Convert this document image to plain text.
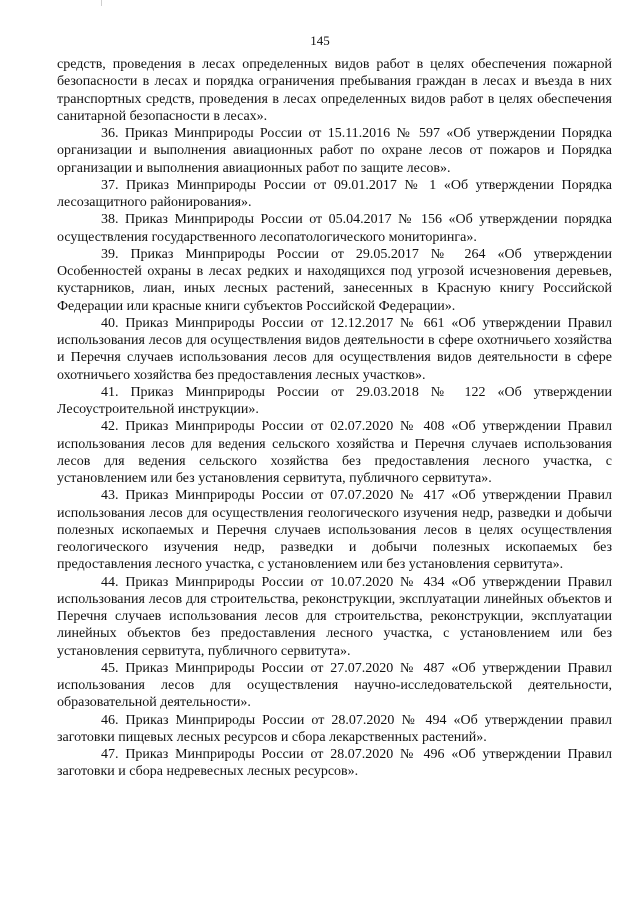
145

средств, проведения в лесах определенных видов работ в целях обеспечения пожарной безопасности в лесах и порядка ограничения пребывания граждан в лесах и въезда в них транспортных средств, проведения в лесах определенных видов работ в целях обеспечения санитарной безопасности в лесах».

36. Приказ Минприроды России от 15.11.2016 № 597 «Об утверждении Порядка организации и выполнения авиационных работ по охране лесов от пожаров и Порядка организации и выполнения авиационных работ по защите лесов».

37. Приказ Минприроды России от 09.01.2017 № 1 «Об утверждении Порядка лесозащитного районирования».

38. Приказ Минприроды России от 05.04.2017 № 156 «Об утверждении порядка осуществления государственного лесопатологического мониторинга».

39. Приказ Минприроды России от 29.05.2017 № 264 «Об утверждении Особенностей охраны в лесах редких и находящихся под угрозой исчезновения деревьев, кустарников, лиан, иных лесных растений, занесенных в Красную книгу Российской Федерации или красные книги субъектов Российской Федерации».

40. Приказ Минприроды России от 12.12.2017 № 661 «Об утверждении Правил использования лесов для осуществления видов деятельности в сфере охотничьего хозяйства и Перечня случаев использования лесов для осуществления видов деятельности в сфере охотничьего хозяйства без предоставления лесных участков».

41. Приказ Минприроды России от 29.03.2018 № 122 «Об утверждении Лесоустроительной инструкции».

42. Приказ Минприроды России от 02.07.2020 № 408 «Об утверждении Правил использования лесов для ведения сельского хозяйства и Перечня случаев использования лесов для ведения сельского хозяйства без предоставления лесного участка, с установлением или без установления сервитута, публичного сервитута».

43. Приказ Минприроды России от 07.07.2020 № 417 «Об утверждении Правил использования лесов для осуществления геологического изучения недр, разведки и добычи полезных ископаемых и Перечня случаев использования лесов в целях осуществления геологического изучения недр, разведки и добычи полезных ископаемых без предоставления лесного участка, с установлением или без установления сервитута».

44. Приказ Минприроды России от 10.07.2020 № 434 «Об утверждении Правил использования лесов для строительства, реконструкции, эксплуатации линейных объектов и Перечня случаев использования лесов для строительства, реконструкции, эксплуатации линейных объектов без предоставления лесного участка, с установлением или без установления сервитута, публичного сервитута».

45. Приказ Минприроды России от 27.07.2020 № 487 «Об утверждении Правил использования лесов для осуществления научно-исследовательской деятельности, образовательной деятельности».

46. Приказ Минприроды России от 28.07.2020 № 494 «Об утверждении правил заготовки пищевых лесных ресурсов и сбора лекарственных растений».

47. Приказ Минприроды России от 28.07.2020 № 496 «Об утверждении Правил заготовки и сбора недревесных лесных ресурсов».
